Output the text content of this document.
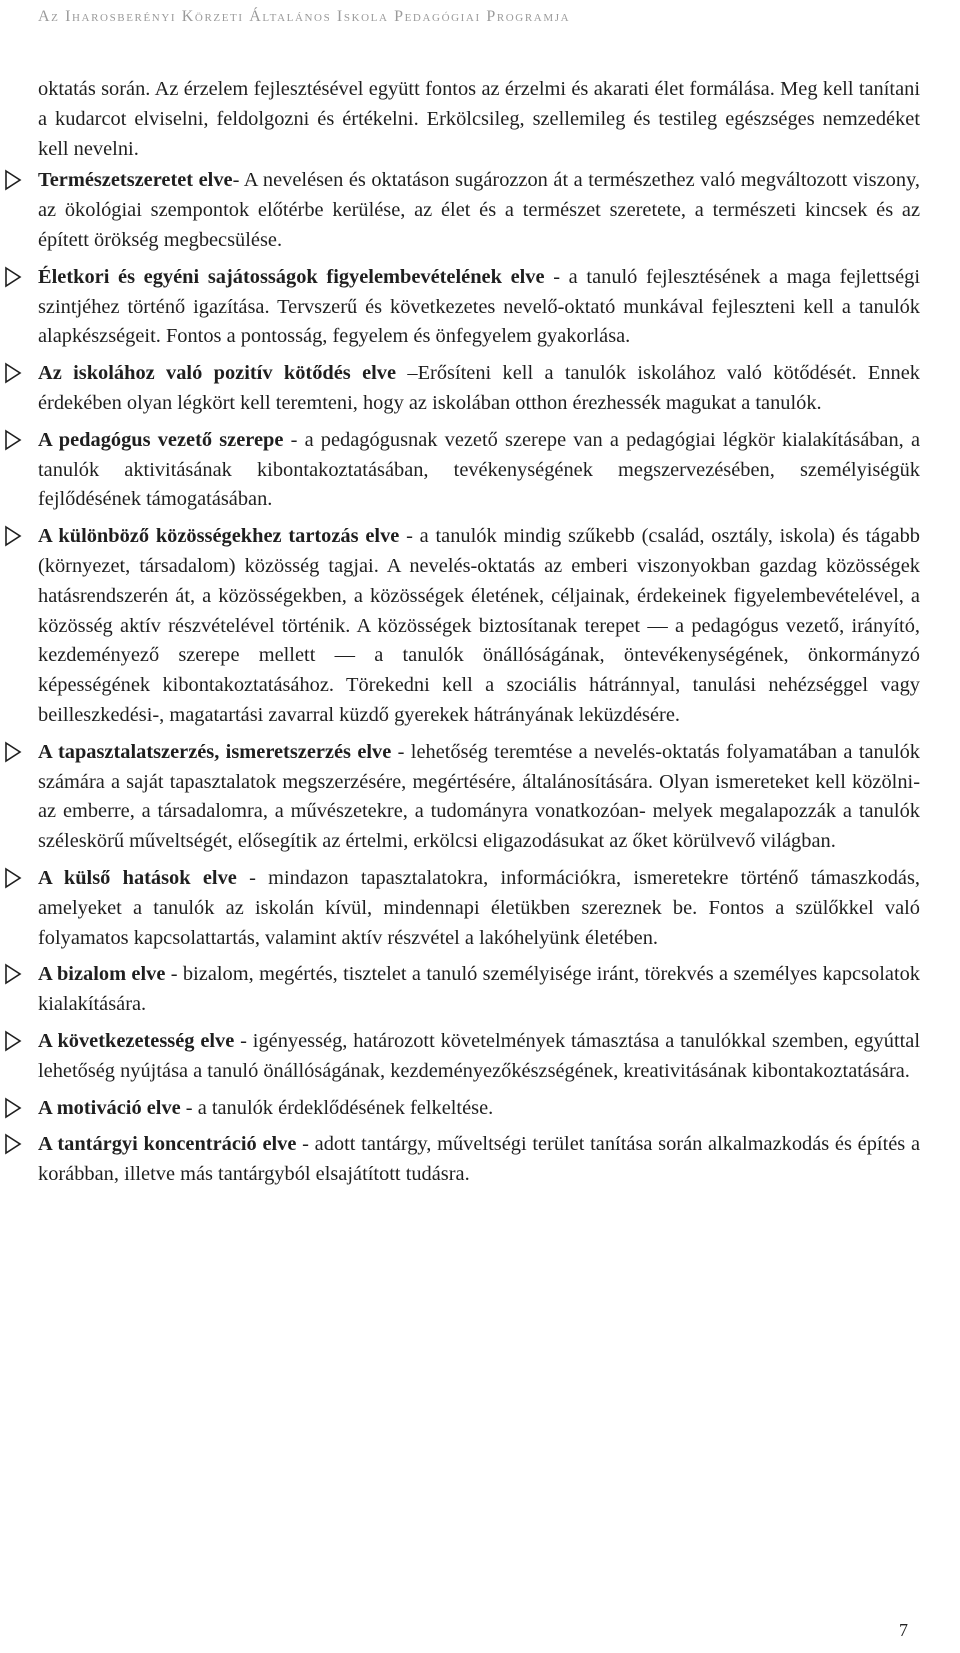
Az Iharosberényi Körzeti Általános Iskola Pedagógiai Programja

oktatás során. Az érzelem fejlesztésével együtt fontos az érzelmi és akarati élet formálása. Meg kell tanítani a kudarcot elviselni, feldolgozni és értékelni. Erkölcsileg, szellemileg és testileg egészséges nemzedéket kell nevelni.

Természetszeretet elve- A nevelésen és oktatáson sugározzon át a természethez való megváltozott viszony, az ökológiai szempontok előtérbe kerülése, az élet és a természet szeretete, a természeti kincsek és az épített örökség megbecsülése.
Életkori és egyéni sajátosságok figyelembevételének elve - a tanuló fejlesztésének a maga fejlettségi szintjéhez történő igazítása. Tervszerű és következetes nevelő-oktató munkával fejleszteni kell a tanulók alapkészségeit. Fontos a pontosság, fegyelem és önfegyelem gyakorlása.
Az iskolához való pozitív kötődés elve –Erősíteni kell a tanulók iskolához való kötődését. Ennek érdekében olyan légkört kell teremteni, hogy az iskolában otthon érezhessék magukat a tanulók.
A pedagógus vezető szerepe - a pedagógusnak vezető szerepe van a pedagógiai légkör kialakításában, a tanulók aktivitásának kibontakoztatásában, tevékenységének megszervezésében, személyiségük fejlődésének támogatásában.
A különböző közösségekhez tartozás elve - a tanulók mindig szűkebb (család, osztály, iskola) és tágabb (környezet, társadalom) közösség tagjai. A nevelés-oktatás az emberi viszonyokban gazdag közösségek hatásrendszerén át, a közösségekben, a közösségek életének, céljainak, érdekeinek figyelembevételével, a közösség aktív részvételével történik. A közösségek biztosítanak terepet — a pedagógus vezető, irányító, kezdeményező szerepe mellett — a tanulók önállóságának, öntevékenységének, önkormányzó képességének kibontakoztatásához. Törekedni kell a szociális hátránnyal, tanulási nehézséggel vagy beilleszkedési-, magatartási zavarral küzdő gyerekek hátrányának leküzdésére.
A tapasztalatszerzés, ismeretszerzés elve - lehetőség teremtése a nevelés-oktatás folyamatában a tanulók számára a saját tapasztalatok megszerzésére, megértésére, általánosítására. Olyan ismereteket kell közölni- az emberre, a társadalomra, a művészetekre, a tudományra vonatkozóan- melyek megalapozzák a tanulók széleskörű műveltségét, elősegítik az értelmi, erkölcsi eligazodásukat az őket körülvevő világban.
A külső hatások elve - mindazon tapasztalatokra, információkra, ismeretekre történő támaszkodás, amelyeket a tanulók az iskolán kívül, mindennapi életükben szereznek be. Fontos a szülőkkel való folyamatos kapcsolattartás, valamint aktív részvétel a lakóhelyünk életében.
A bizalom elve - bizalom, megértés, tisztelet a tanuló személyisége iránt, törekvés a személyes kapcsolatok kialakítására.
A következetesség elve - igényesség, határozott követelmények támasztása a tanulókkal szemben, egyúttal lehetőség nyújtása a tanuló önállóságának, kezdeményezőkészségének, kreativitásának kibontakoztatására.
A motiváció elve - a tanulók érdeklődésének felkeltése.
A tantárgyi koncentráció elve - adott tantárgy, műveltségi terület tanítása során alkalmazkodás és építés a korábban, illetve más tantárgyból elsajátított tudásra.
7
